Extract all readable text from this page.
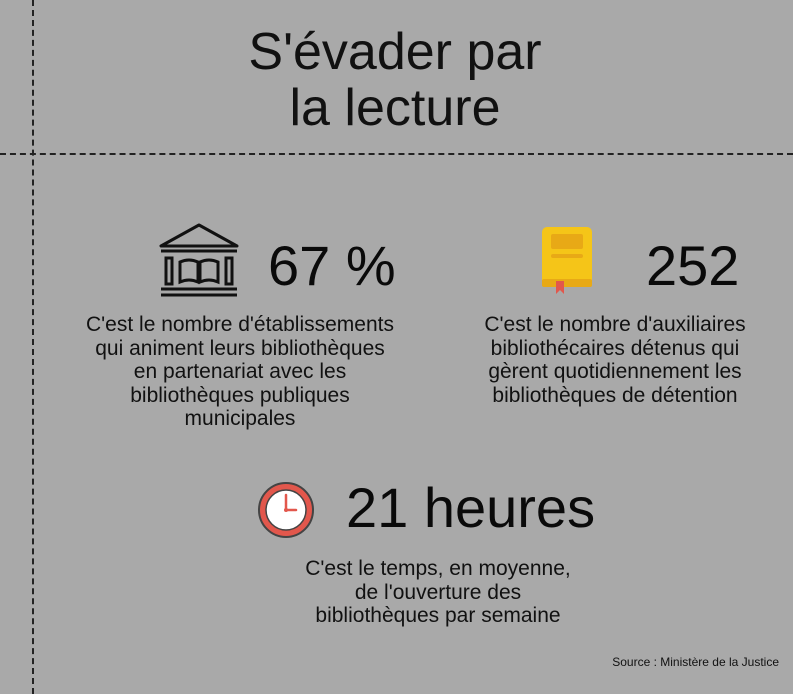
S'évader par
la lecture
67 %
C'est le nombre d'établissements
qui animent leurs bibliothèques
en partenariat avec les
bibliothèques publiques
municipales
252
C'est le nombre d'auxiliaires
bibliothécaires détenus qui
gèrent quotidiennement les
bibliothèques de détention
21 heures
C'est le temps, en moyenne,
de l'ouverture des
bibliothèques par semaine
Source : Ministère de la Justice
